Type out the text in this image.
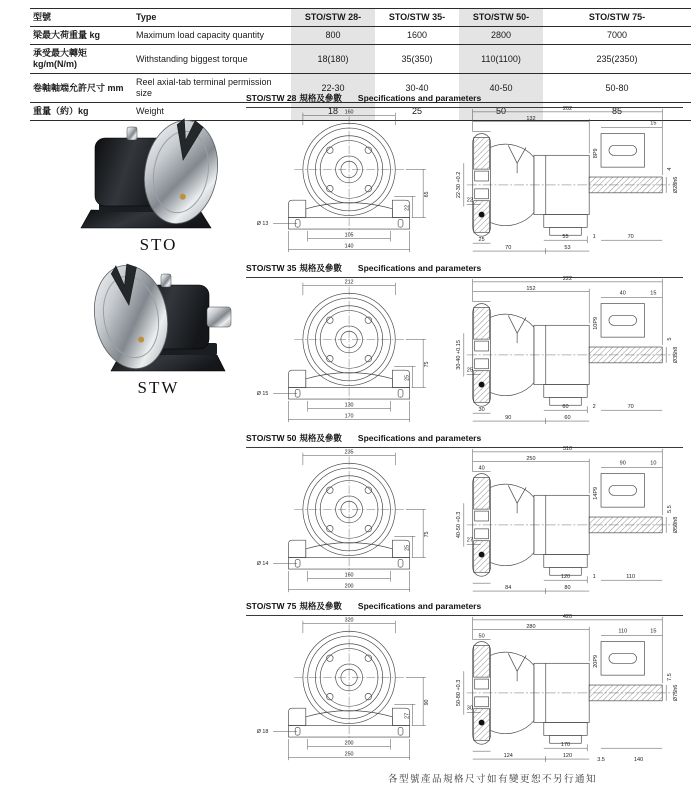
型號	Type	STO/STW 28-	STO/STW 35-	STO/STW 50-	STO/STW 75-
梁最大荷重量 kg	Maximum load capacity quantity	800	1600	2800	7000
承受最大轉矩 kg/m(N/m)	Withstanding biggest torque	18(180)	35(350)	110(1100)	235(2350)
卷軸軸端允許尺寸 mm	Reel axial-tab terminal permission size	22-30	30-40	40-50	50-80
重量（約）kg	Weight	18	25	50	85
STO
STW
STO/STW 28 規格及參數 Specifications and parameters
160
65
22
Ø 13
105
140
202
132
15
8P9
4
Ø28h6
22-30 +0.2
22
25	55	1	70
70	53
STO/STW 35 規格及參數 Specifications and parameters
212
75
25
Ø 15
130
170
222
152
40	15
10P9
5
Ø35h8
30-40 +0.15
25
30	60	2	70
90	60
STO/STW 50 規格及參數 Specifications and parameters
235
75
25
Ø 14
160
200
310
250
40
90	10
14P9
5.5
Ø50h8
40-50 +0.3
27
120	1	110
84	80
STO/STW 75 規格及參數 Specifications and parameters
320
90
27
Ø 18
200
250
420
280
50
110	15
20P9
7.5
Ø75h6
50-80 +0.3
30
170
124	120
3.5	140
各型號產品規格尺寸如有變更恕不另行通知
